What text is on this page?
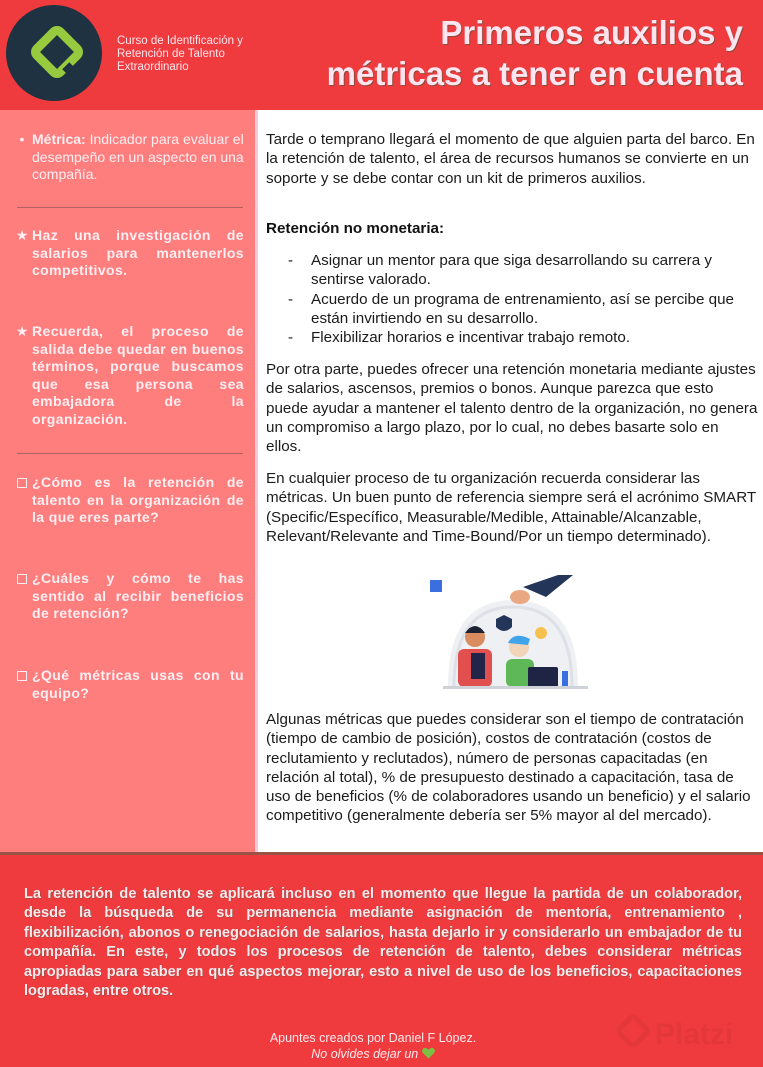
Curso de Identificación y Retención de Talento Extraordinario
Primeros auxilios y
métricas a tener en cuenta
• Métrica: Indicador para evaluar el desempeño en un aspecto en una compañía.
★ Haz una investigación de salarios para mantenerlos competitivos.
★ Recuerda, el proceso de salida debe quedar en buenos términos, porque buscamos que esa persona sea embajadora de la organización.
¿Cómo es la retención de talento en la organización de la que eres parte?
¿Cuáles y cómo te has sentido al recibir beneficios de retención?
¿Qué métricas usas con tu equipo?

Tarde o temprano llegará el momento de que alguien parta del barco. En la retención de talento, el área de recursos humanos se convierte en un soporte y se debe contar con un kit de primeros auxilios.

Retención no monetaria:
- Asignar un mentor para que siga desarrollando su carrera y sentirse valorado.
- Acuerdo de un programa de entrenamiento, así se percibe que están invirtiendo en su desarrollo.
- Flexibilizar horarios e incentivar trabajo remoto.

Por otra parte, puedes ofrecer una retención monetaria mediante ajustes de salarios, ascensos, premios o bonos. Aunque parezca que esto puede ayudar a mantener el talento dentro de la organización, no genera un compromiso a largo plazo, por lo cual, no debes basarte solo en ellos.

En cualquier proceso de tu organización recuerda considerar las métricas. Un buen punto de referencia siempre será el acrónimo SMART (Specific/Específico, Measurable/Medible, Attainable/Alcanzable, Relevant/Relevante and Time-Bound/Por un tiempo determinado).

Algunas métricas que puedes considerar son el tiempo de contratación (tiempo de cambio de posición), costos de contratación (costos de reclutamiento y reclutados), número de personas capacitadas (en relación al total), % de presupuesto destinado a capacitación, tasa de uso de beneficios (% de colaboradores usando un beneficio) y el salario competitivo (generalmente debería ser 5% mayor al del mercado).

La retención de talento se aplicará incluso en el momento que llegue la partida de un colaborador, desde la búsqueda de su permanencia mediante asignación de mentoría, entrenamiento , flexibilización, abonos o renegociación de salarios, hasta dejarlo ir y considerarlo un embajador de tu compañía. En este, y todos los procesos de retención de talento, debes considerar métricas apropiadas para saber en qué aspectos mejorar, esto a nivel de uso de los beneficios, capacitaciones logradas, entre otros.
Apuntes creados por Daniel F López.
No olvides dejar un
Platzi
